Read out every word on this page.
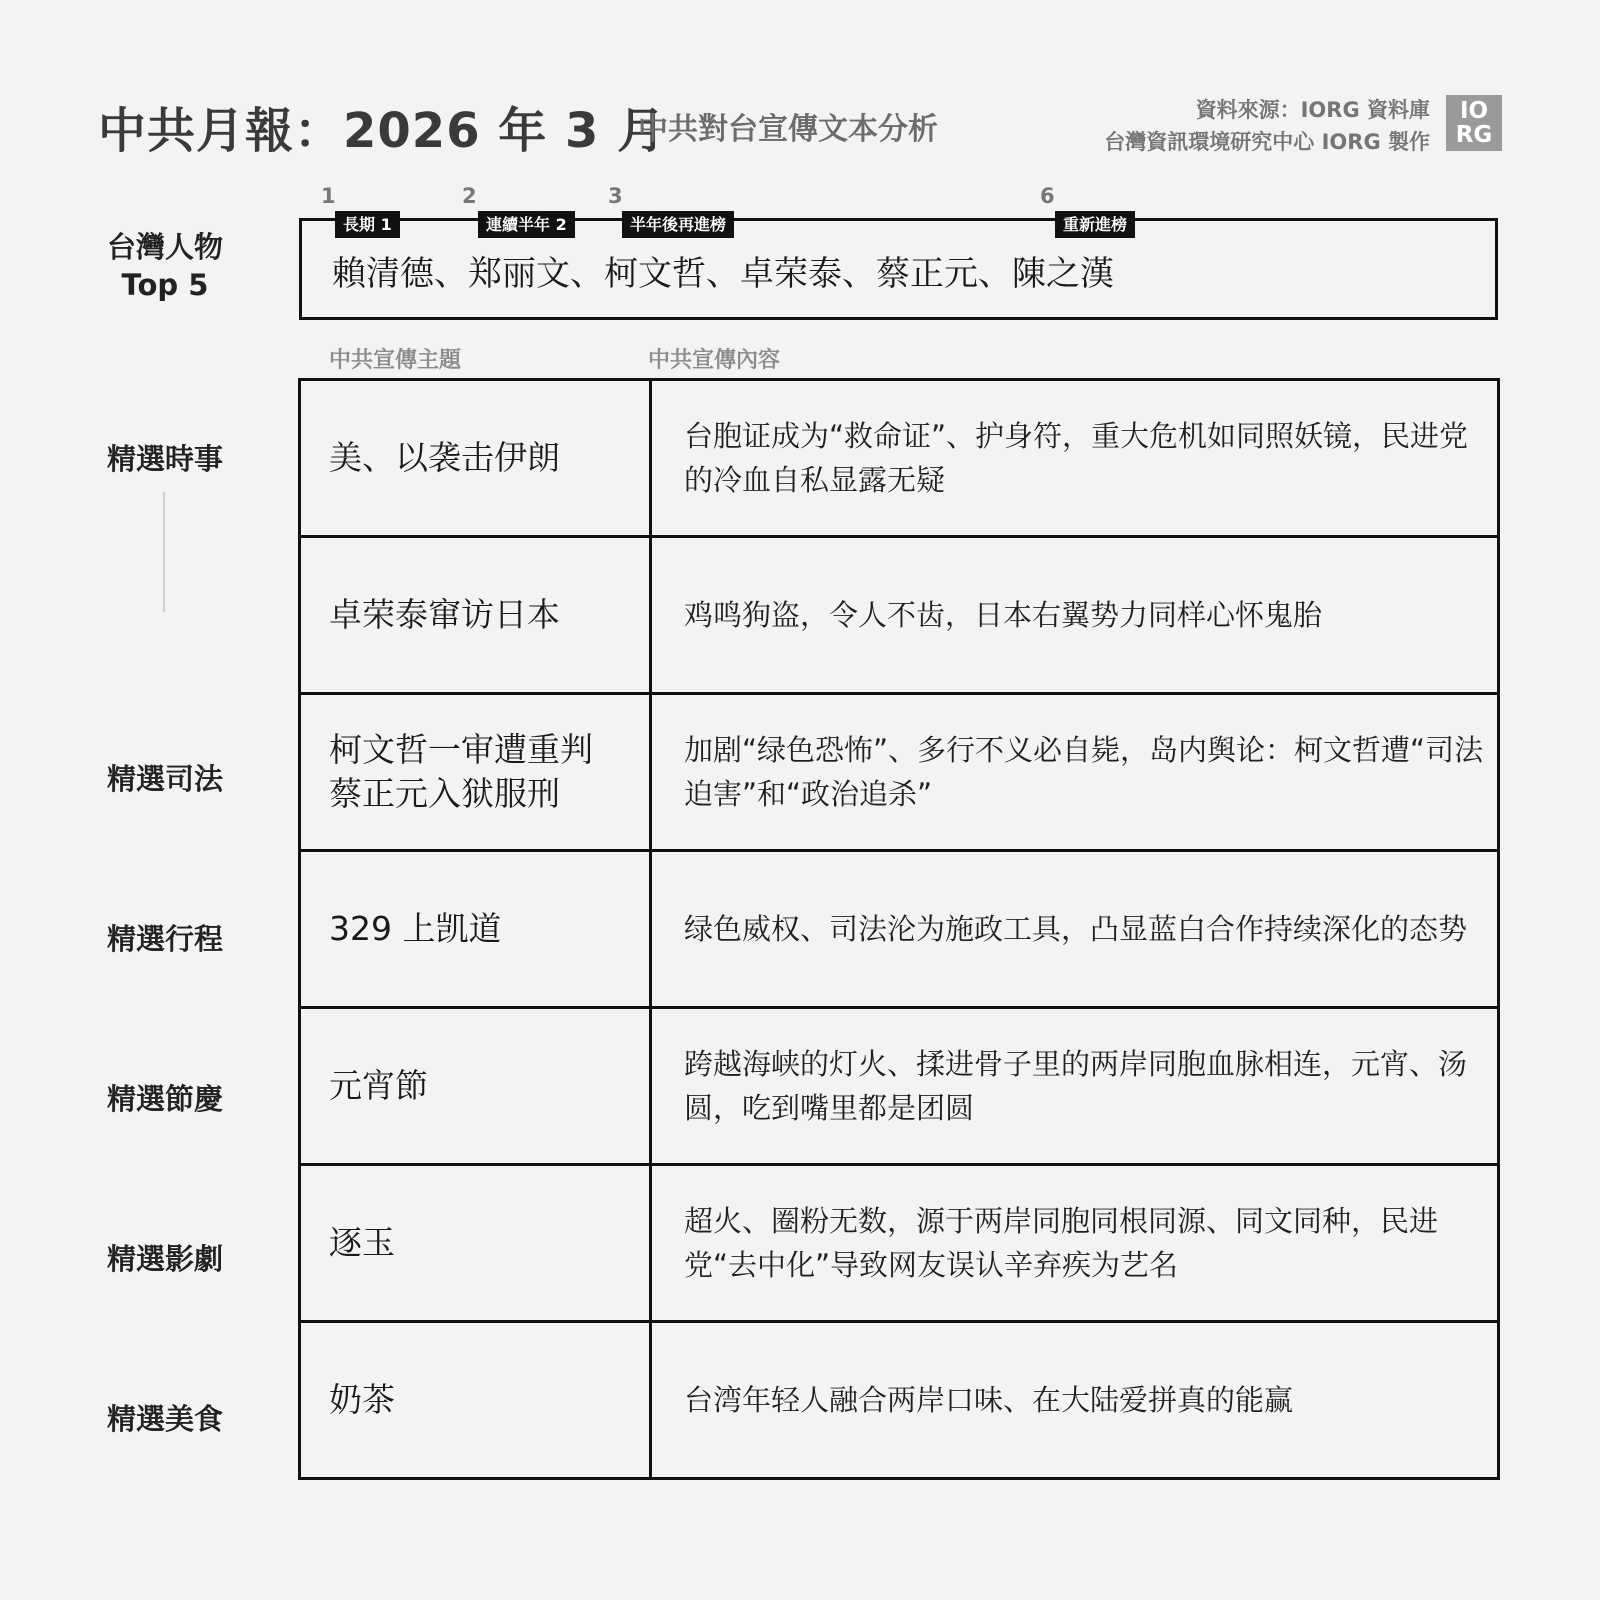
中共月報：2026 年 3 月
中共對台宣傳文本分析
資料來源：IORG 資料庫
台灣資訊環境研究中心 IORG 製作
IO
RG
台灣人物
Top 5
1	2	3	6
長期 1	連續半年 2	半年後再進榜	重新進榜
賴清德、郑丽文、柯文哲、卓荣泰、蔡正元、陳之漢
中共宣傳主題	中共宣傳內容
精選時事
精選司法
精選行程
精選節慶
精選影劇
精選美食
美、以袭击伊朗	台胞证成为“救命证”、护身符，重大危机如同照妖镜，民进党的冷血自私显露无疑
卓荣泰窜访日本	鸡鸣狗盗，令人不齿，日本右翼势力同样心怀鬼胎
柯文哲一审遭重判
蔡正元入狱服刑	加剧“绿色恐怖”、多行不义必自毙，岛内舆论：柯文哲遭“司法迫害”和“政治追杀”
329 上凯道	绿色威权、司法沦为施政工具，凸显蓝白合作持续深化的态势
元宵節	跨越海峡的灯火、揉进骨子里的两岸同胞血脉相连，元宵、汤圆，吃到嘴里都是团圆
逐玉	超火、圈粉无数，源于两岸同胞同根同源、同文同种，民进党“去中化”导致网友误认辛弃疾为艺名
奶茶	台湾年轻人融合两岸口味、在大陆爱拼真的能赢
